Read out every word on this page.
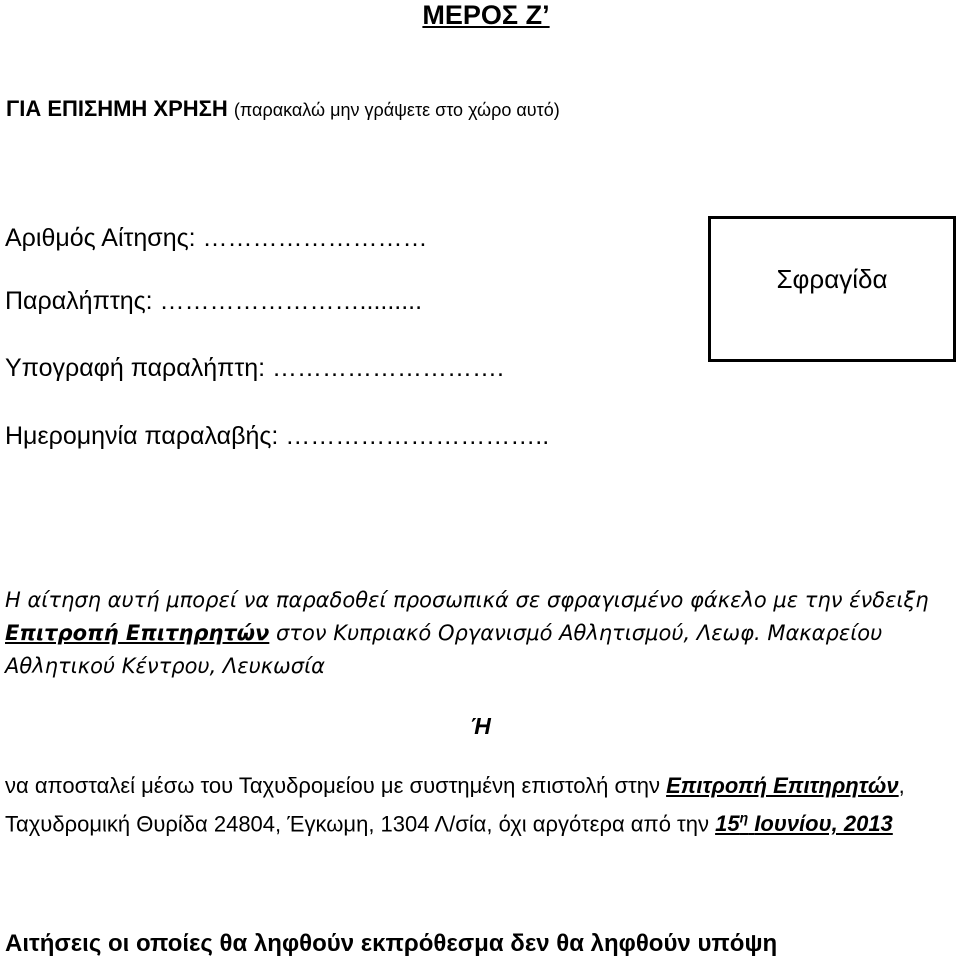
ΜΕΡΟΣ Ζ’
ΓΙΑ ΕΠΙΣΗΜΗ ΧΡΗΣΗ (παρακαλώ μην γράψετε στο χώρο αυτό)
Αριθμός Αίτησης: ………………………
Παραλήπτης: …………………….........
Υπογραφή παραλήπτη: ……………………….
Ημερομηνία παραλαβής: …………………………..
Σφραγίδα
Η αίτηση αυτή μπορεί να παραδοθεί προσωπικά σε σφραγισμένο φάκελο με την ένδειξη Επιτροπή Επιτηρητών στον Κυπριακό Οργανισμό Αθλητισμού, Λεωφ. Μακαρείου Αθλητικού Κέντρου, Λευκωσία
Ή
να αποσταλεί μέσω του Ταχυδρομείου με συστημένη επιστολή στην Επιτροπή Επιτηρητών, Ταχυδρομική Θυρίδα 24804, Έγκωμη, 1304 Λ/σία, όχι αργότερα από την $15^\eta$ Ιουνίου, 2013
Αιτήσεις οι οποίες θα ληφθούν εκπρόθεσμα δεν θα ληφθούν υπόψη
